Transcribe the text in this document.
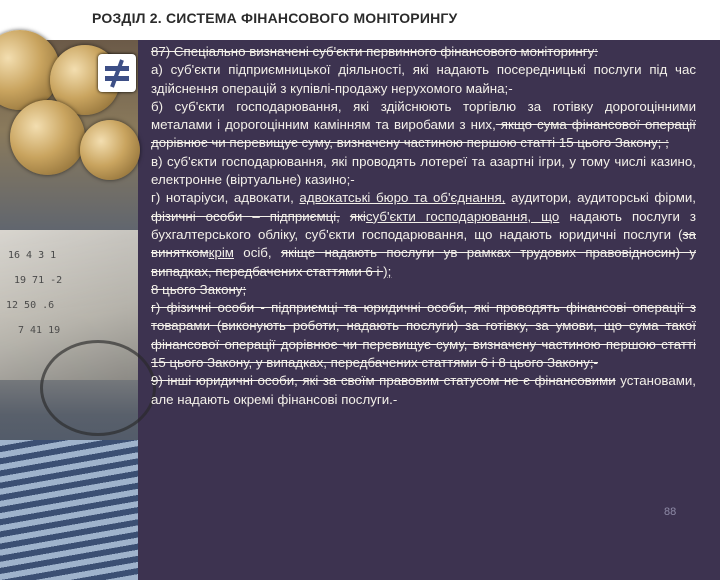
РОЗДІЛ 2. СИСТЕМА ФІНАНСОВОГО МОНІТОРИНГУ
16 4 3 1
19 71 -2
12 50 .6
7 41 19

87) Спеціально визначені суб'єкти первинного фінансового моніторингу:

а) суб'єкти підприємницької діяльності, які надають посередницькі послуги під час здійснення операцій з купівлі-продажу нерухомого майна;-

б) суб'єкти господарювання, які здійснюють торгівлю за готівку дорогоцінними металами і дорогоцінним камінням та виробами з них, якщо сума фінансової операції дорівнює чи перевищує суму, визначену частиною першою статті 15 цього Закону; ;

в) суб'єкти господарювання, які проводять лотереї та азартні ігри, у тому числі казино, електронне (віртуальне) казино;-

г) нотаріуси, адвокати, адвокатські бюро та об'єднання, аудитори, аудиторські фірми, фізичні особи – підприємці, якісуб'єкти господарювання, що надають послуги з бухгалтерського обліку, суб'єкти господарювання, що надають юридичні послуги (за виняткомкрім осіб, якіще надають послуги ув рамках трудових правовідносин) у випадках, передбачених статтями 6 і );

8 цього Закону;

г) фізичні особи - підприємці та юридичні особи, які проводять фінансові операції з товарами (виконують роботи, надають послуги) за готівку, за умови, що сума такої фінансової операції дорівнює чи перевищує суму, визначену частиною першою статті 15 цього Закону, у випадках, передбачених статтями 6 і 8 цього Закону;-

9) інші юридичні особи, які за своїм правовим статусом не є фінансовими установами, але надають окремі фінансові послуги.-

88
